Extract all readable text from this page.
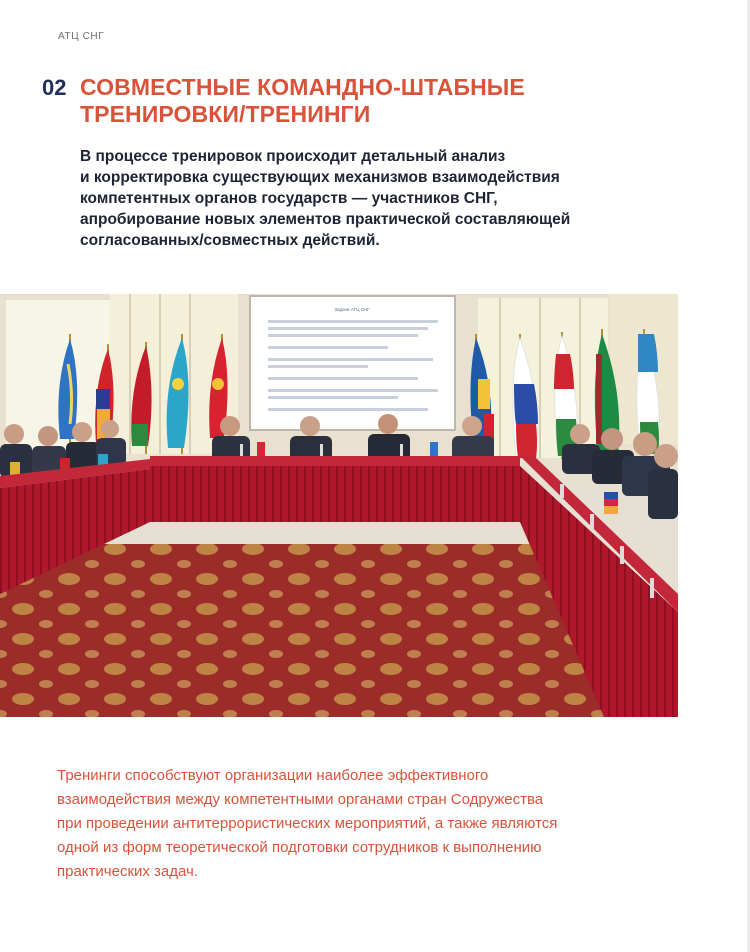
АТЦ СНГ
02 СОВМЕСТНЫЕ КОМАНДНО-ШТАБНЫЕ
ТРЕНИРОВКИ/ТРЕНИНГИ

В процессе тренировок происходит детальный анализ
и корректировка существующих механизмов взаимодействия
компетентных органов государств — участников СНГ,
апробирование новых элементов практической составляющей
согласованных/совместных действий.

Задачи АТЦ СНГ

Тренинги способствуют организации наиболее эффективного
взаимодействия между компетентными органами стран Содружества
при проведении антитеррористических мероприятий, а также являются
одной из форм теоретической подготовки сотрудников к выполнению
практических задач.
